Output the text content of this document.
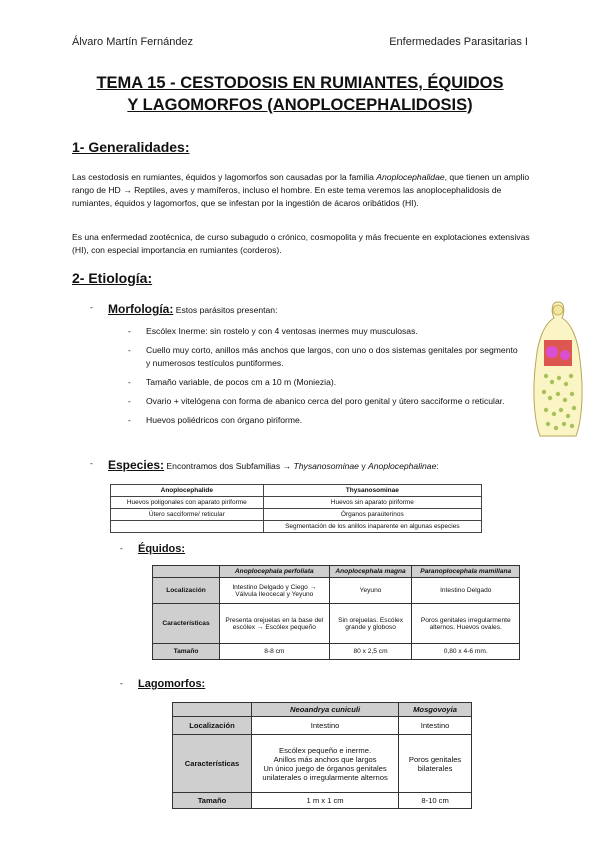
Álvaro Martín Fernández	Enfermedades Parasitarias I
TEMA 15 - CESTODOSIS EN RUMIANTES, ÉQUIDOS
Y LAGOMORFOS (ANOPLOCEPHALIDOSIS)
1- Generalidades:
Las cestodosis en rumiantes, équidos y lagomorfos son causadas por la familia Anoplocephalidae, que tienen un amplio rango de HD → Reptiles, aves y mamíferos, incluso el hombre. En este tema veremos las anoplocephalidosis de rumiantes, équidos y lagomorfos, que se infestan por la ingestión de ácaros oribátidos (HI).
Es una enfermedad zootécnica, de curso subagudo o crónico, cosmopolita y más frecuente en explotaciones extensivas (HI), con especial importancia en rumiantes (corderos).
2- Etiología:
- Morfología: Estos parásitos presentan:
- Escólex Inerme: sin rostelo y con 4 ventosas inermes muy musculosas.
- Cuello muy corto, anillos más anchos que largos, con uno o dos sistemas genitales por segmento y numerosos testículos puntiformes.
- Tamaño variable, de pocos cm a 10 m (Moniezia).
- Ovario + vitelógena con forma de abanico cerca del poro genital y útero sacciforme o reticular.
- Huevos poliédricos con órgano piriforme.
- Especies: Encontramos dos Subfamilias → Thysanosominae y Anoplocephalinae:
Anoplocephalide	Thysanosominae
Huevos poligonales con aparato piriforme	Huevos sin aparato piriforme
Útero sacciforme/ reticular	Órganos paraúterinos
	Segmentación de los anillos inaparente en algunas especies
- Équidos:
	Anoplocephala perfoliata	Anoplocephala magna	Paranoplocephala mamillana
Localización	Intestino Delgado y Ciego → Válvula Ileocecal y Yeyuno	Yeyuno	Intestino Delgado
Características	Presenta orejuelas en la base del escólex → Escólex pequeño	Sin orejuelas. Escólex grande y globoso	Poros genitales irregularmente alternos. Huevos ovales.
Tamaño	8-8 cm	80 x 2,5 cm	0,80 x 4-6 mm.
- Lagomorfos:
	Neoandrya cuniculi	Mosgovoyia
Localización	Intestino	Intestino
Características	Escólex pequeño e inerme.
Anillos más anchos que largos
Un único juego de órganos genitales unilaterales o irregularmente alternos	Poros genitales bilaterales
Tamaño	1 m x 1 cm	8-10 cm
